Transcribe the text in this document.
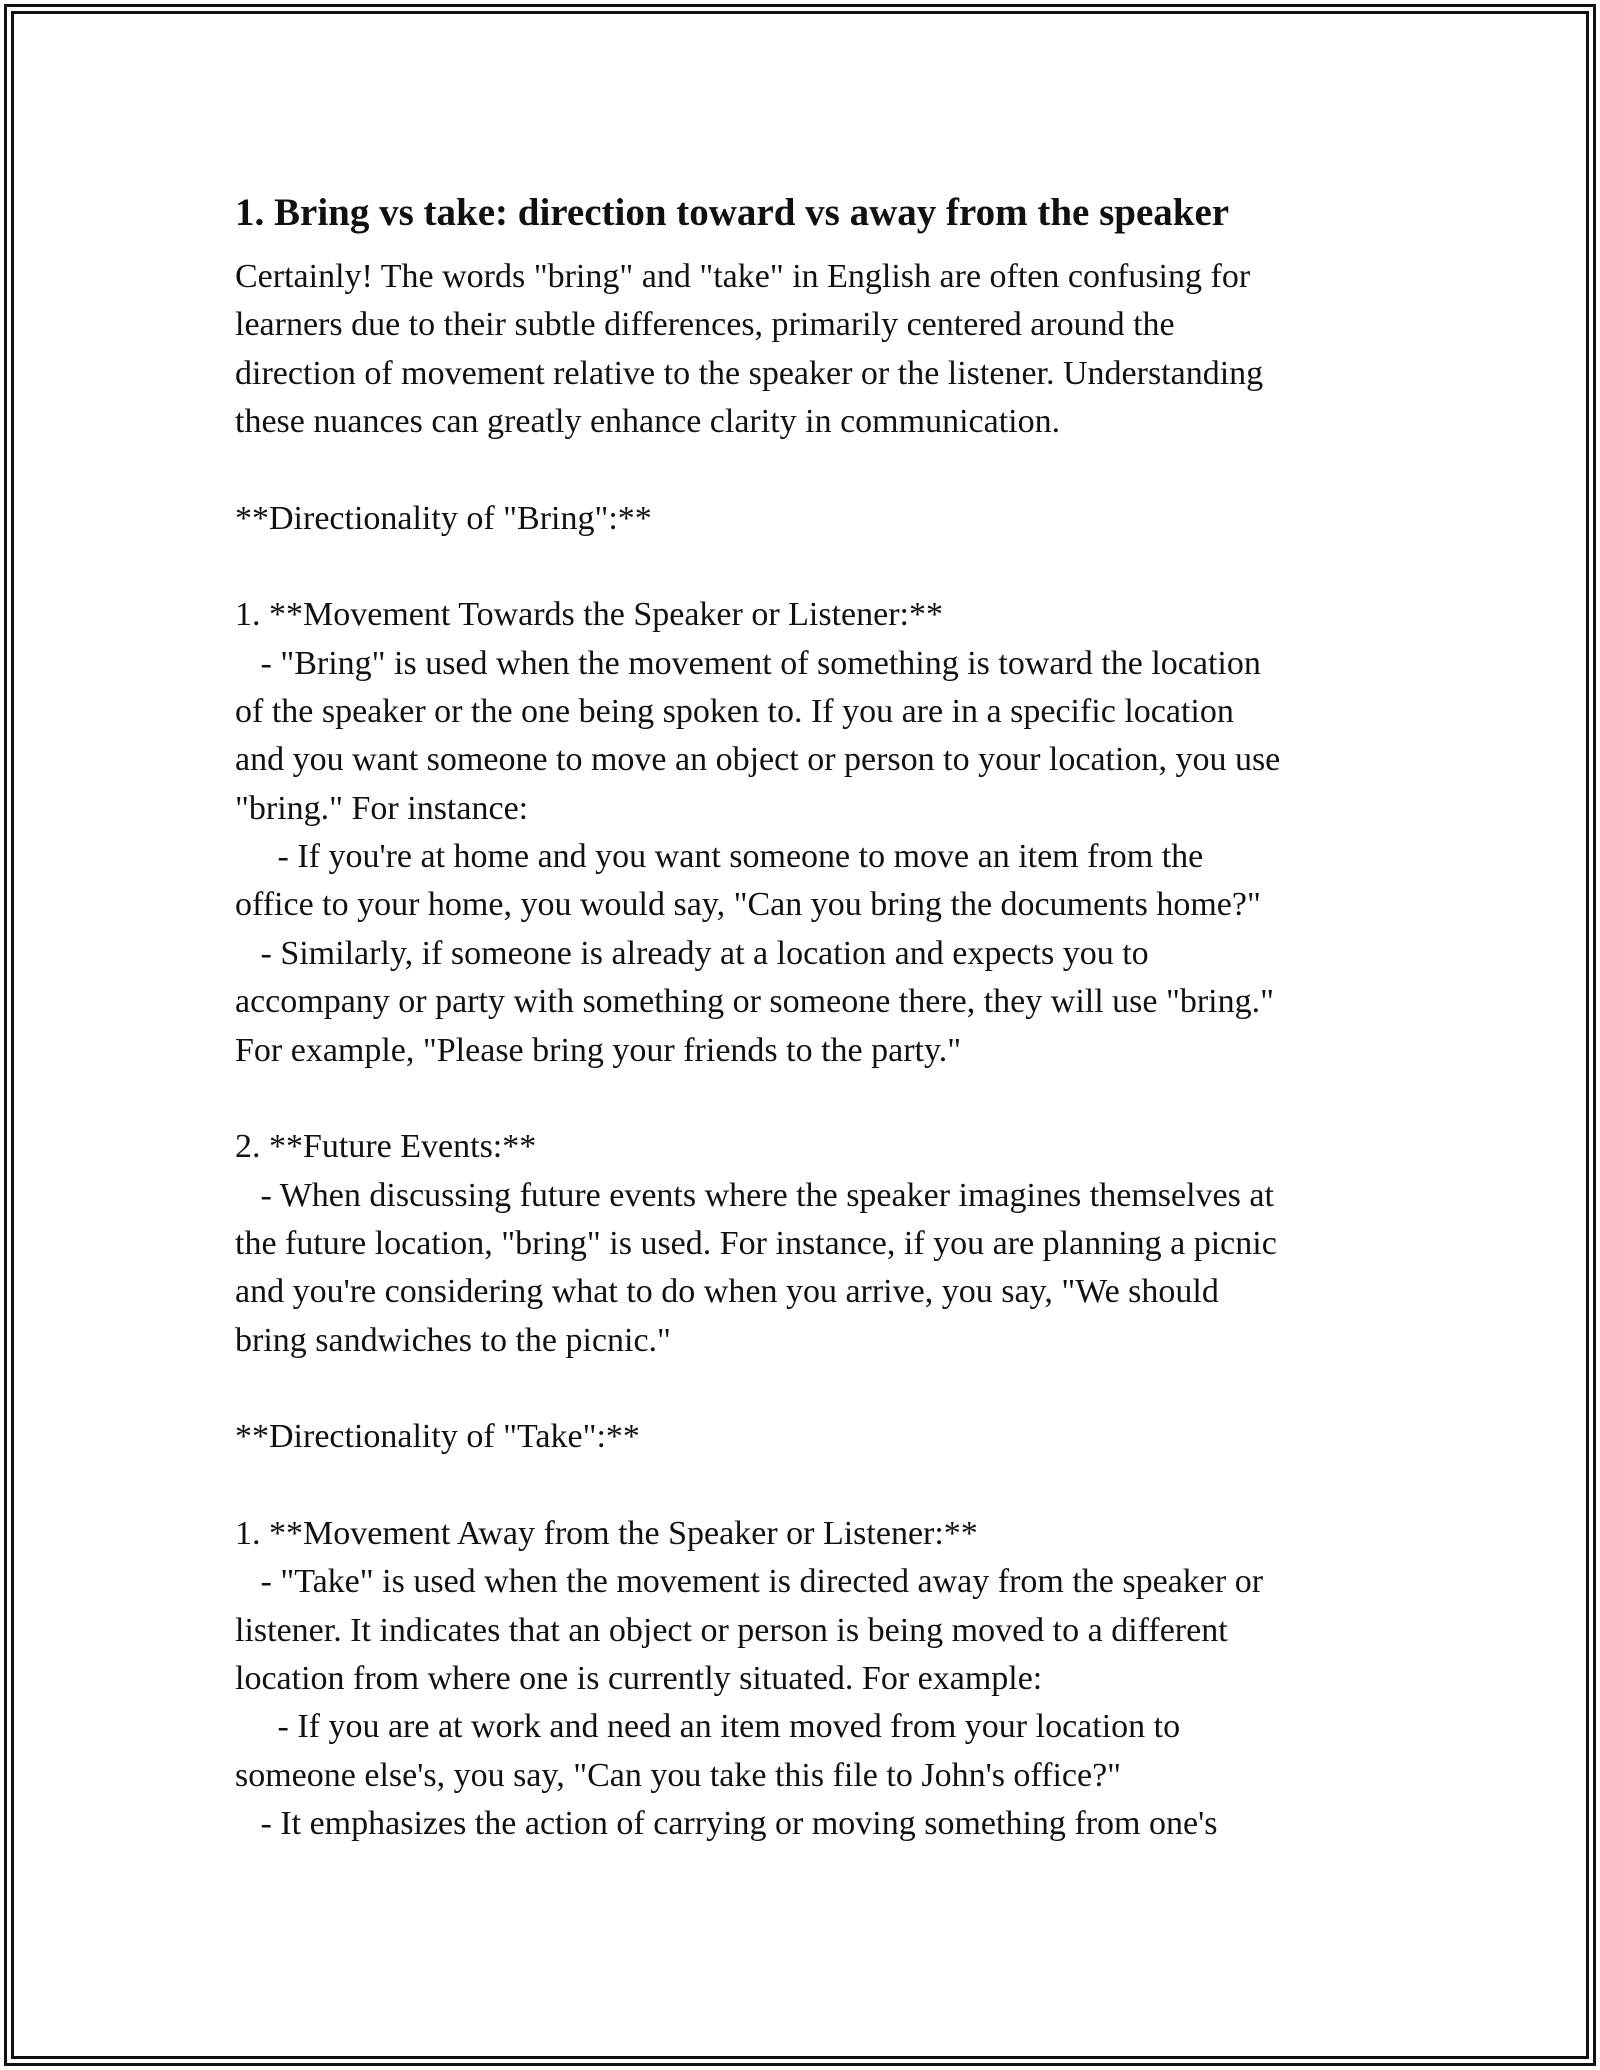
1. Bring vs take: direction toward vs away from the speaker
Certainly! The words "bring" and "take" in English are often confusing for
learners due to their subtle differences, primarily centered around the
direction of movement relative to the speaker or the listener. Understanding
these nuances can greatly enhance clarity in communication.

**Directionality of "Bring":**

1. **Movement Towards the Speaker or Listener:**
- "Bring" is used when the movement of something is toward the location
of the speaker or the one being spoken to. If you are in a specific location
and you want someone to move an object or person to your location, you use
"bring." For instance:
- If you're at home and you want someone to move an item from the
office to your home, you would say, "Can you bring the documents home?"
- Similarly, if someone is already at a location and expects you to
accompany or party with something or someone there, they will use "bring."
For example, "Please bring your friends to the party."

2. **Future Events:**
- When discussing future events where the speaker imagines themselves at
the future location, "bring" is used. For instance, if you are planning a picnic
and you're considering what to do when you arrive, you say, "We should
bring sandwiches to the picnic."

**Directionality of "Take":**

1. **Movement Away from the Speaker or Listener:**
- "Take" is used when the movement is directed away from the speaker or
listener. It indicates that an object or person is being moved to a different
location from where one is currently situated. For example:
- If you are at work and need an item moved from your location to
someone else's, you say, "Can you take this file to John's office?"
- It emphasizes the action of carrying or moving something from one's
